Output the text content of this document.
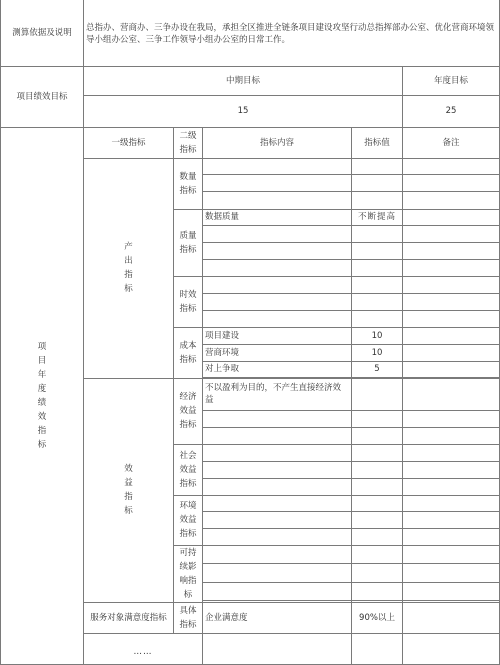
测算依据及说明	总指办、营商办、三争办设在我局，承担全区推进全链条项目建设攻坚行动总指挥部办公室、优化营商环境领导小组办公室、三争工作领导小组办公室的日常工作。				
项目绩效目标	中期目标				年度目标
	15				25

项目年度绩效指标	一级指标	二级指标	指标内容	指标值	备注

	产出指标	数量指标			

		质量指标	数据质量	不断提高	

		时效指标			

		成本指标	项目建设	10	
			营商环境	10	
			对上争取	5	

	效益指标	经济效益指标	不以盈利为目的，不产生直接经济效益		

		社会效益指标			

		环境效益指标			

		可持续影响指标			

	服务对象满意度指标	具体指标	企业满意度	90%以上	
	……				
